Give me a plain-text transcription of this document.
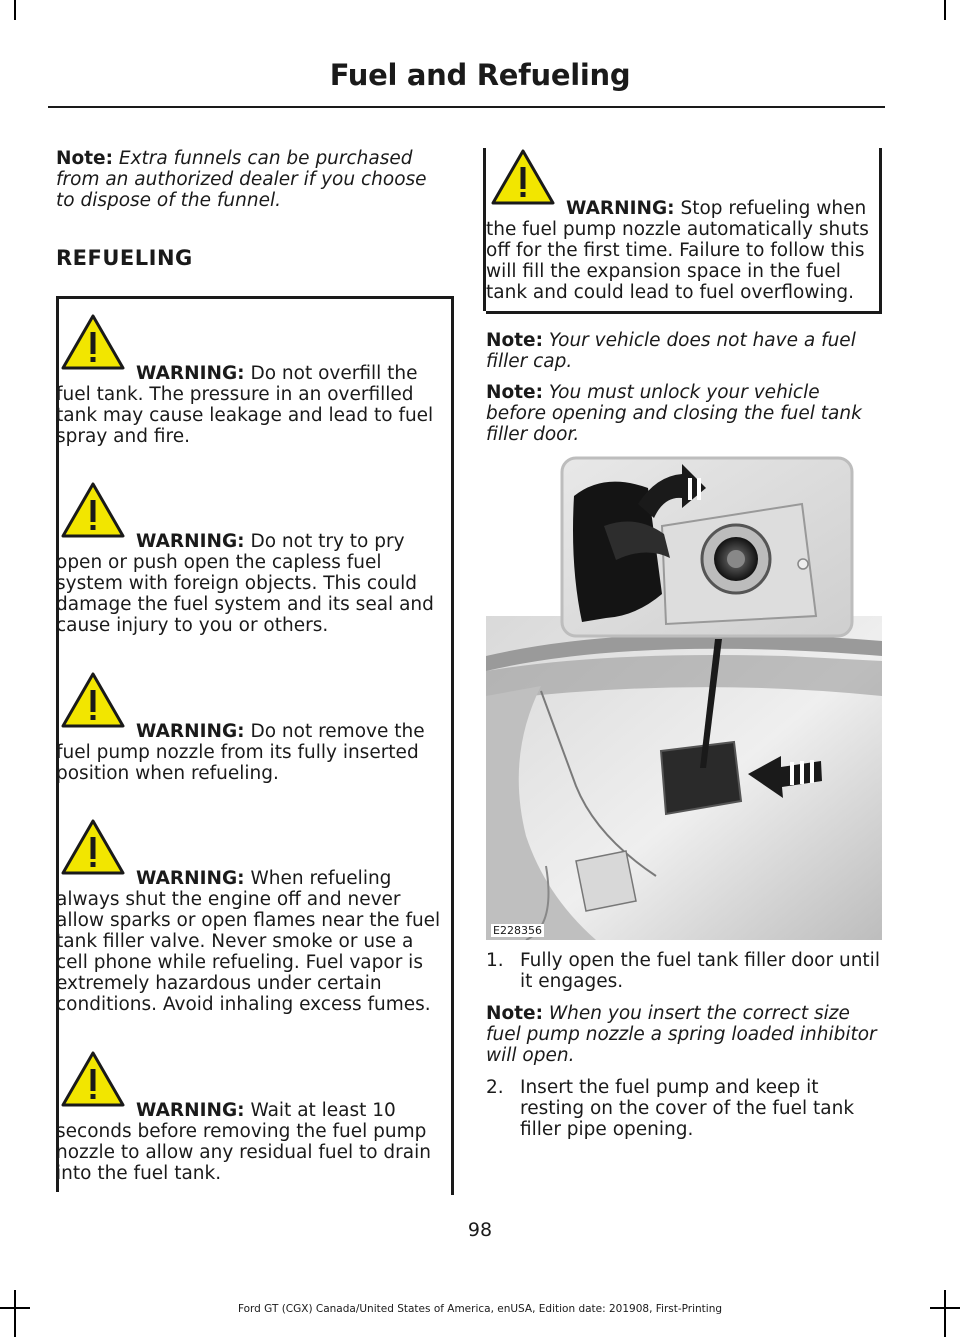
Fuel and Refueling

Note: Extra funnels can be purchased from an authorized dealer if you choose to dispose of the funnel.

REFUELING

WARNING: Do not overfill the fuel tank. The pressure in an overfilled tank may cause leakage and lead to fuel spray and fire.

WARNING: Do not try to pry open or push open the capless fuel system with foreign objects. This could damage the fuel system and its seal and cause injury to you or others.

WARNING: Do not remove the fuel pump nozzle from its fully inserted position when refueling.

WARNING: When refueling always shut the engine off and never allow sparks or open flames near the fuel tank filler valve. Never smoke or use a cell phone while refueling. Fuel vapor is extremely hazardous under certain conditions. Avoid inhaling excess fumes.

WARNING: Wait at least 10 seconds before removing the fuel pump nozzle to allow any residual fuel to drain into the fuel tank.

WARNING: Stop refueling when the fuel pump nozzle automatically shuts off for the first time. Failure to follow this will fill the expansion space in the fuel tank and could lead to fuel overflowing.

Note: Your vehicle does not have a fuel filler cap.

Note: You must unlock your vehicle before opening and closing the fuel tank filler door.

1. Fully open the fuel tank filler door until it engages.

Note: When you insert the correct size fuel pump nozzle a spring loaded inhibitor will open.

2. Insert the fuel pump and keep it resting on the cover of the fuel tank filler pipe opening.
E228356
98
Ford GT (CGX) Canada/United States of America, enUSA, Edition date: 201908, First-Printing
